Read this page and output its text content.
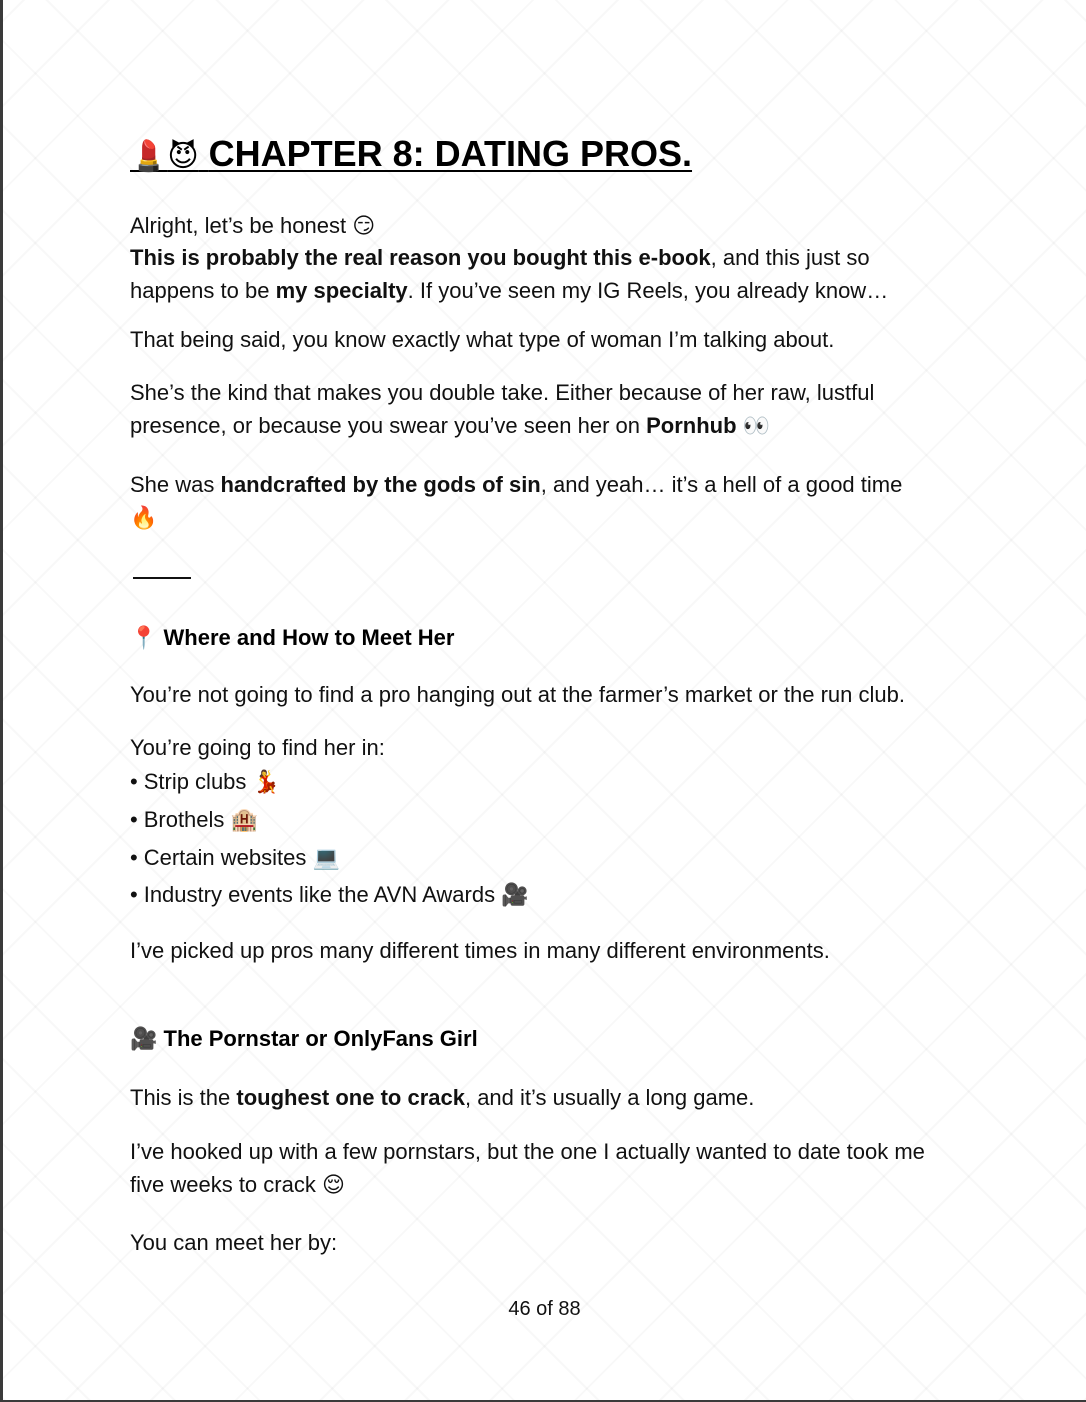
💄😈 CHAPTER 8: DATING PROS.
Alright, let’s be honest 😏
This is probably the real reason you bought this e-book, and this just so happens to be my specialty. If you’ve seen my IG Reels, you already know…
That being said, you know exactly what type of woman I’m talking about.
She’s the kind that makes you double take. Either because of her raw, lustful presence, or because you swear you’ve seen her on Pornhub 👀
She was handcrafted by the gods of sin, and yeah… it’s a hell of a good time
🔥
📍 Where and How to Meet Her
You’re not going to find a pro hanging out at the farmer’s market or the run club.
You’re going to find her in:
• Strip clubs 💃
• Brothels 🏨
• Certain websites 💻
• Industry events like the AVN Awards 🎥
I’ve picked up pros many different times in many different environments.
🎥 The Pornstar or OnlyFans Girl
This is the toughest one to crack, and it’s usually a long game.
I’ve hooked up with a few pornstars, but the one I actually wanted to date took me five weeks to crack 😌
You can meet her by:
46 of 88
